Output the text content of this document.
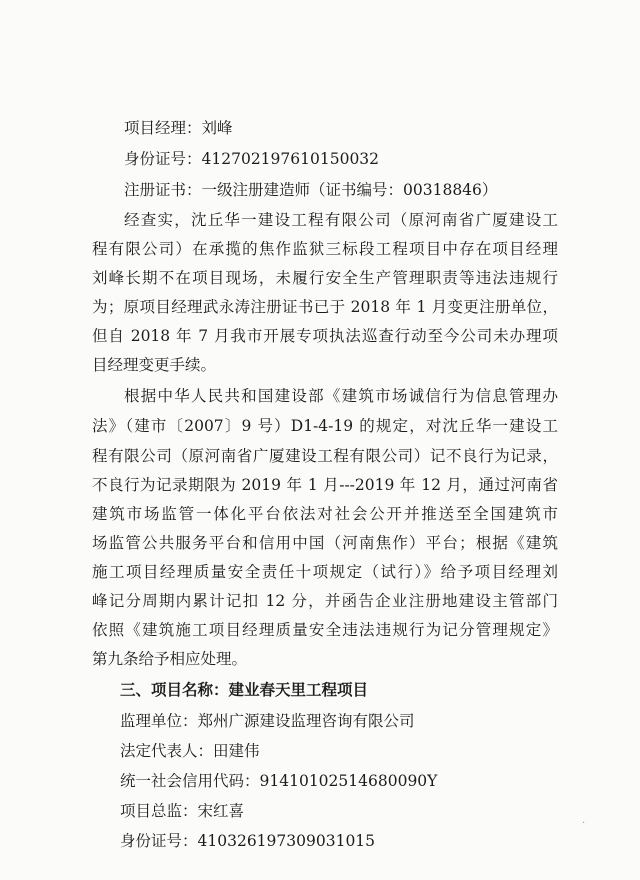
项目经理：刘峰
身份证号：412702197610150032
注册证书：一级注册建造师（证书编号：00318846）
经查实，沈丘华一建设工程有限公司（原河南省广厦建设工
程有限公司）在承揽的焦作监狱三标段工程项目中存在项目经理
刘峰长期不在项目现场，未履行安全生产管理职责等违法违规行
为；原项目经理武永涛注册证书已于 2018 年 1 月变更注册单位，
但自 2018 年 7 月我市开展专项执法巡查行动至今公司未办理项
目经理变更手续。
根据中华人民共和国建设部《建筑市场诚信行为信息管理办
法》（建市〔2007〕9 号）D1-4-19 的规定，对沈丘华一建设工
程有限公司（原河南省广厦建设工程有限公司）记不良行为记录，
不良行为记录期限为 2019 年 1 月---2019 年 12 月，通过河南省
建筑市场监管一体化平台依法对社会公开并推送至全国建筑市
场监管公共服务平台和信用中国（河南焦作）平台；根据《建筑
施工项目经理质量安全责任十项规定（试行）》给予项目经理刘
峰记分周期内累计记扣 12 分，并函告企业注册地建设主管部门
依照《建筑施工项目经理质量安全违法违规行为记分管理规定》
第九条给予相应处理。
三、项目名称：建业春天里工程项目
监理单位：郑州广源建设监理咨询有限公司
法定代表人：田建伟
统一社会信用代码：91410102514680090Y
项目总监：宋红喜
身份证号：410326197309031015
·
